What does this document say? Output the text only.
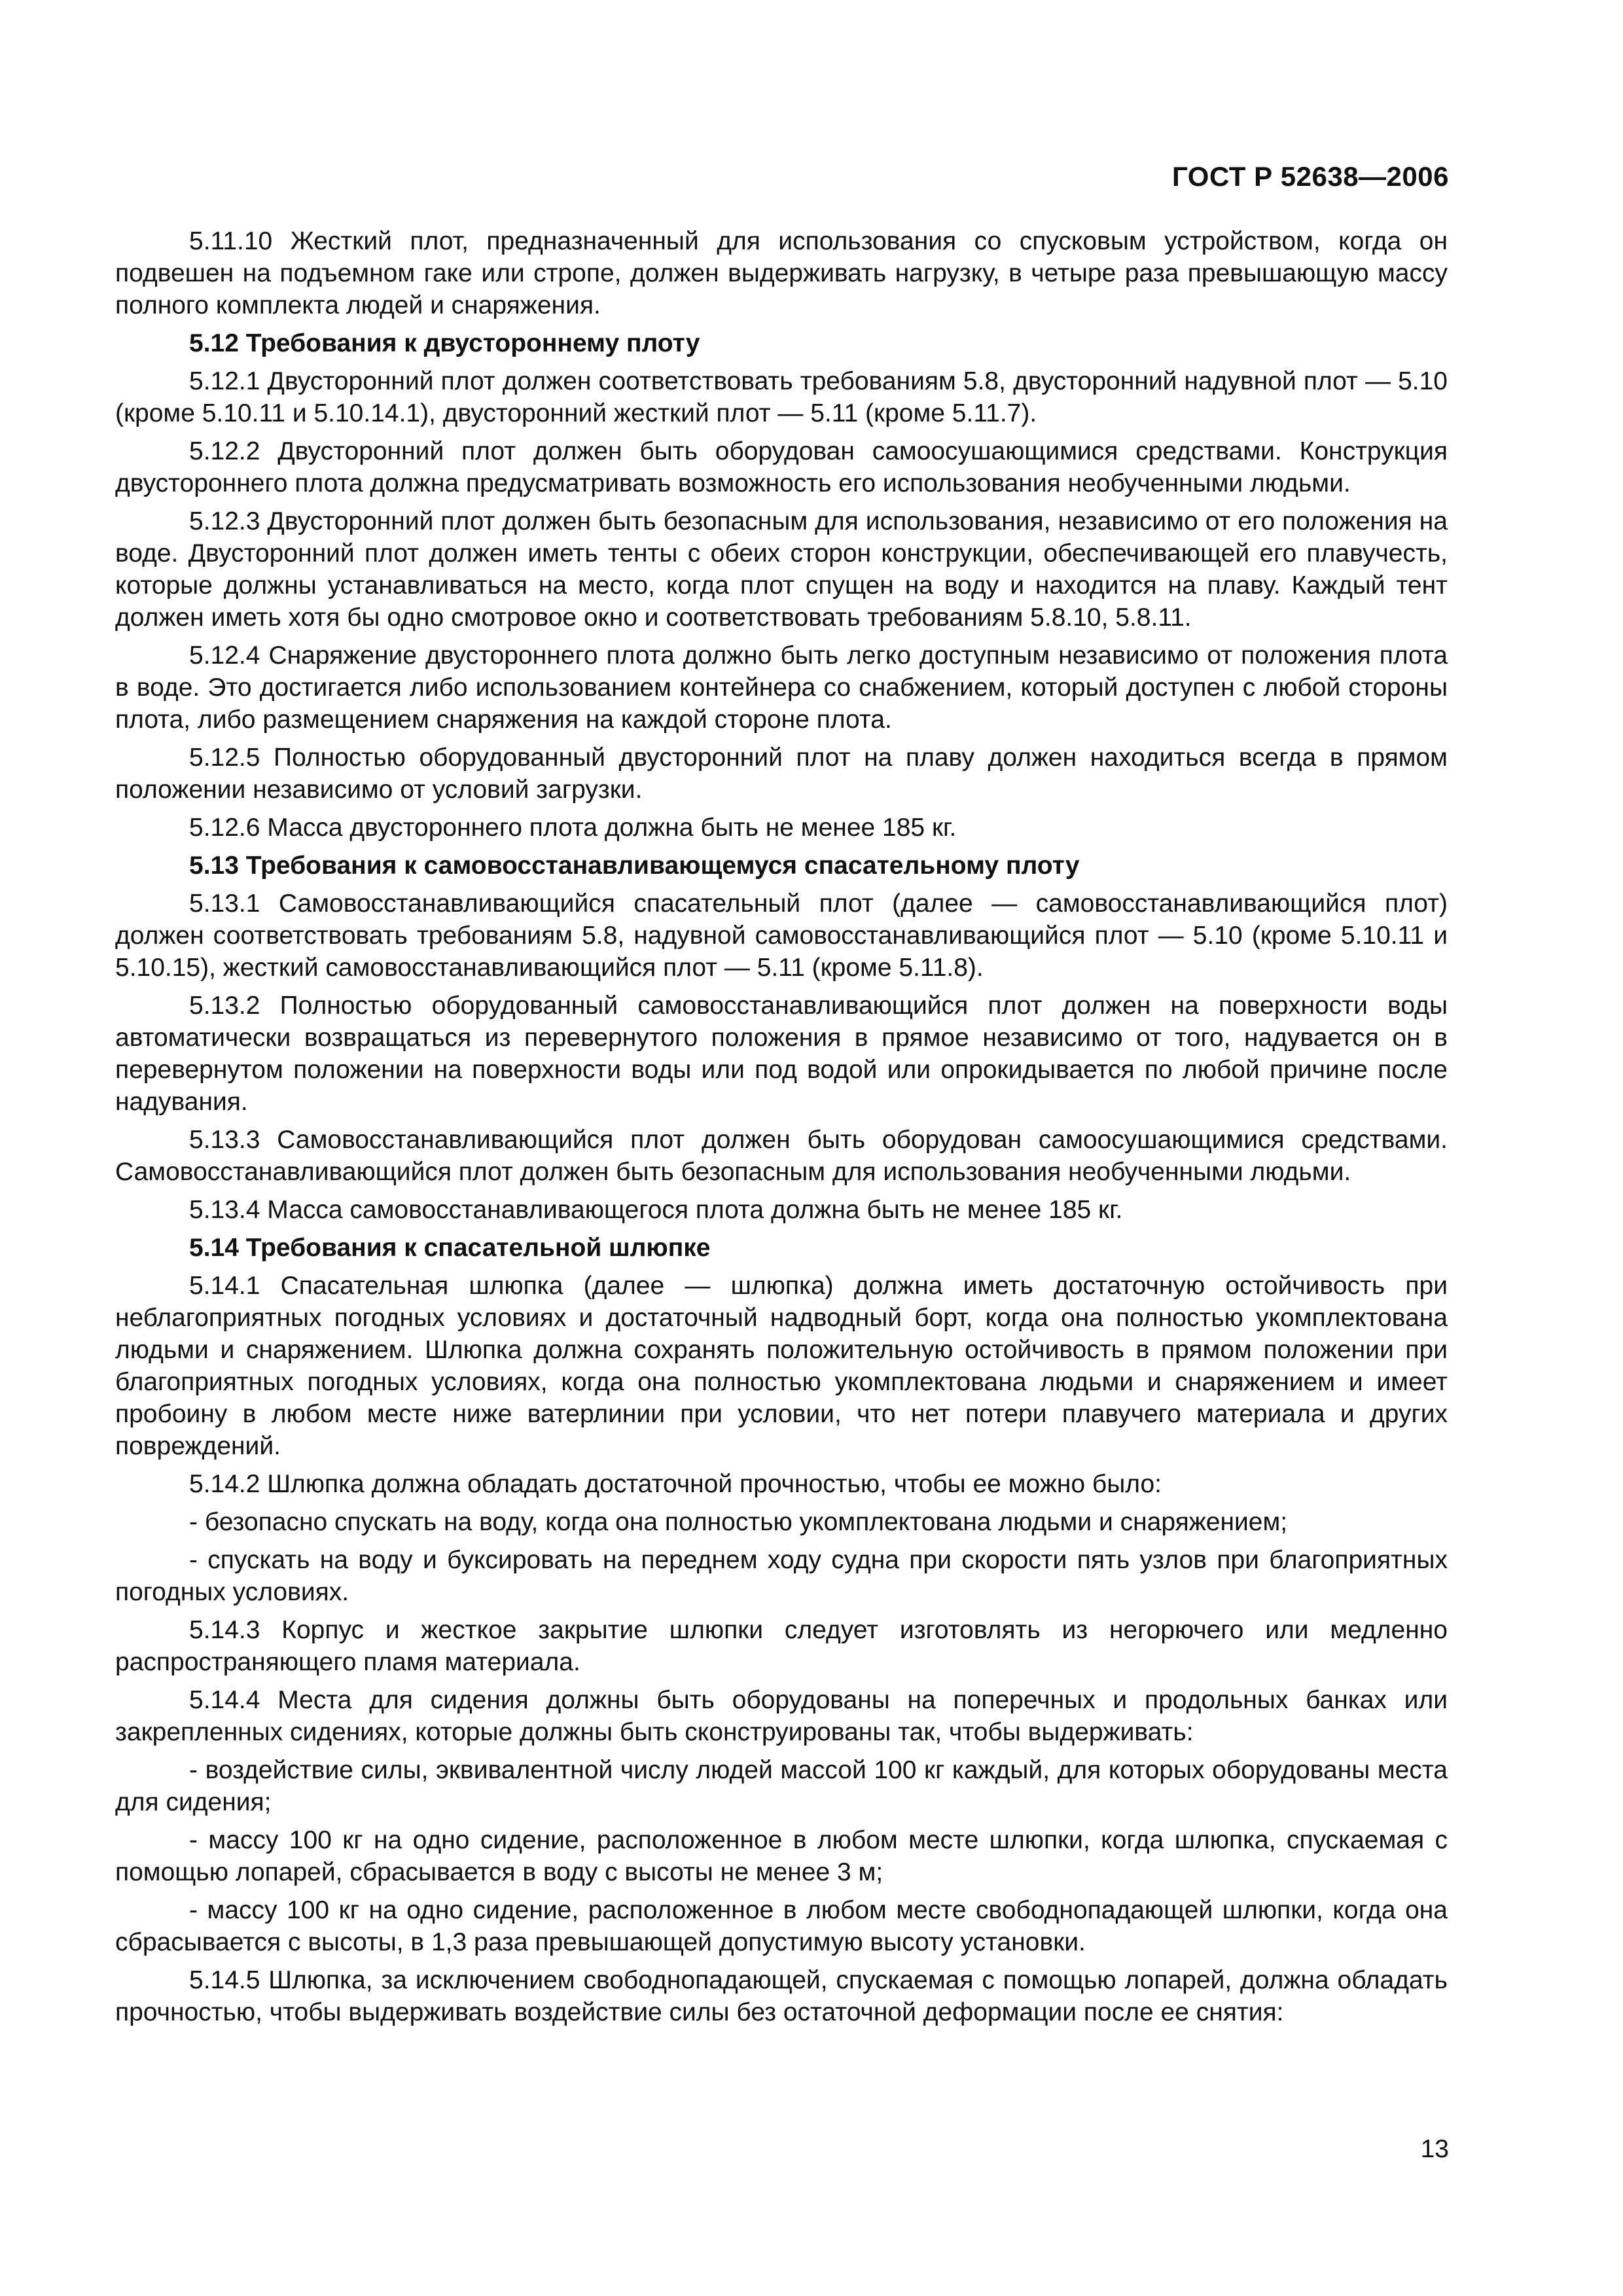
ГОСТ Р 52638—2006

5.11.10 Жесткий плот, предназначенный для использования со спусковым устройством, когда он подвешен на подъемном гаке или стропе, должен выдерживать нагрузку, в четыре раза превышающую массу полного комплекта людей и снаряжения.

5.12 Требования к двустороннему плоту

5.12.1 Двусторонний плот должен соответствовать требованиям 5.8, двусторонний надувной плот — 5.10 (кроме 5.10.11 и 5.10.14.1), двусторонний жесткий плот — 5.11 (кроме 5.11.7).

5.12.2 Двусторонний плот должен быть оборудован самоосушающимися средствами. Конструкция двустороннего плота должна предусматривать возможность его использования необученными людьми.

5.12.3 Двусторонний плот должен быть безопасным для использования, независимо от его положения на воде. Двусторонний плот должен иметь тенты с обеих сторон конструкции, обеспечивающей его плавучесть, которые должны устанавливаться на место, когда плот спущен на воду и находится на плаву. Каждый тент должен иметь хотя бы одно смотровое окно и соответствовать требованиям 5.8.10, 5.8.11.

5.12.4 Снаряжение двустороннего плота должно быть легко доступным независимо от положения плота в воде. Это достигается либо использованием контейнера со снабжением, который доступен с любой стороны плота, либо размещением снаряжения на каждой стороне плота.

5.12.5 Полностью оборудованный двусторонний плот на плаву должен находиться всегда в прямом положении независимо от условий загрузки.

5.12.6 Масса двустороннего плота должна быть не менее 185 кг.

5.13 Требования к самовосстанавливающемуся спасательному плоту

5.13.1 Самовосстанавливающийся спасательный плот (далее — самовосстанавливающийся плот) должен соответствовать требованиям 5.8, надувной самовосстанавливающийся плот — 5.10 (кроме 5.10.11 и 5.10.15), жесткий самовосстанавливающийся плот — 5.11 (кроме 5.11.8).

5.13.2 Полностью оборудованный самовосстанавливающийся плот должен на поверхности воды автоматически возвращаться из перевернутого положения в прямое независимо от того, надувается он в перевернутом положении на поверхности воды или под водой или опрокидывается по любой причине после надувания.

5.13.3 Самовосстанавливающийся плот должен быть оборудован самоосушающимися средствами. Самовосстанавливающийся плот должен быть безопасным для использования необученными людьми.

5.13.4 Масса самовосстанавливающегося плота должна быть не менее 185 кг.

5.14 Требования к спасательной шлюпке

5.14.1 Спасательная шлюпка (далее — шлюпка) должна иметь достаточную остойчивость при неблагоприятных погодных условиях и достаточный надводный борт, когда она полностью укомплектована людьми и снаряжением. Шлюпка должна сохранять положительную остойчивость в прямом положении при благоприятных погодных условиях, когда она полностью укомплектована людьми и снаряжением и имеет пробоину в любом месте ниже ватерлинии при условии, что нет потери плавучего материала и других повреждений.

5.14.2 Шлюпка должна обладать достаточной прочностью, чтобы ее можно было:

- безопасно спускать на воду, когда она полностью укомплектована людьми и снаряжением;

- спускать на воду и буксировать на переднем ходу судна при скорости пять узлов при благоприятных погодных условиях.

5.14.3 Корпус и жесткое закрытие шлюпки следует изготовлять из негорючего или медленно распространяющего пламя материала.

5.14.4 Места для сидения должны быть оборудованы на поперечных и продольных банках или закрепленных сидениях, которые должны быть сконструированы так, чтобы выдерживать:

- воздействие силы, эквивалентной числу людей массой 100 кг каждый, для которых оборудованы места для сидения;

- массу 100 кг на одно сидение, расположенное в любом месте шлюпки, когда шлюпка, спускаемая с помощью лопарей, сбрасывается в воду с высоты не менее 3 м;

- массу 100 кг на одно сидение, расположенное в любом месте свободнопадающей шлюпки, когда она сбрасывается с высоты, в 1,3 раза превышающей допустимую высоту установки.

5.14.5 Шлюпка, за исключением свободнопадающей, спускаемая с помощью лопарей, должна обладать прочностью, чтобы выдерживать воздействие силы без остаточной деформации после ее снятия:

13
